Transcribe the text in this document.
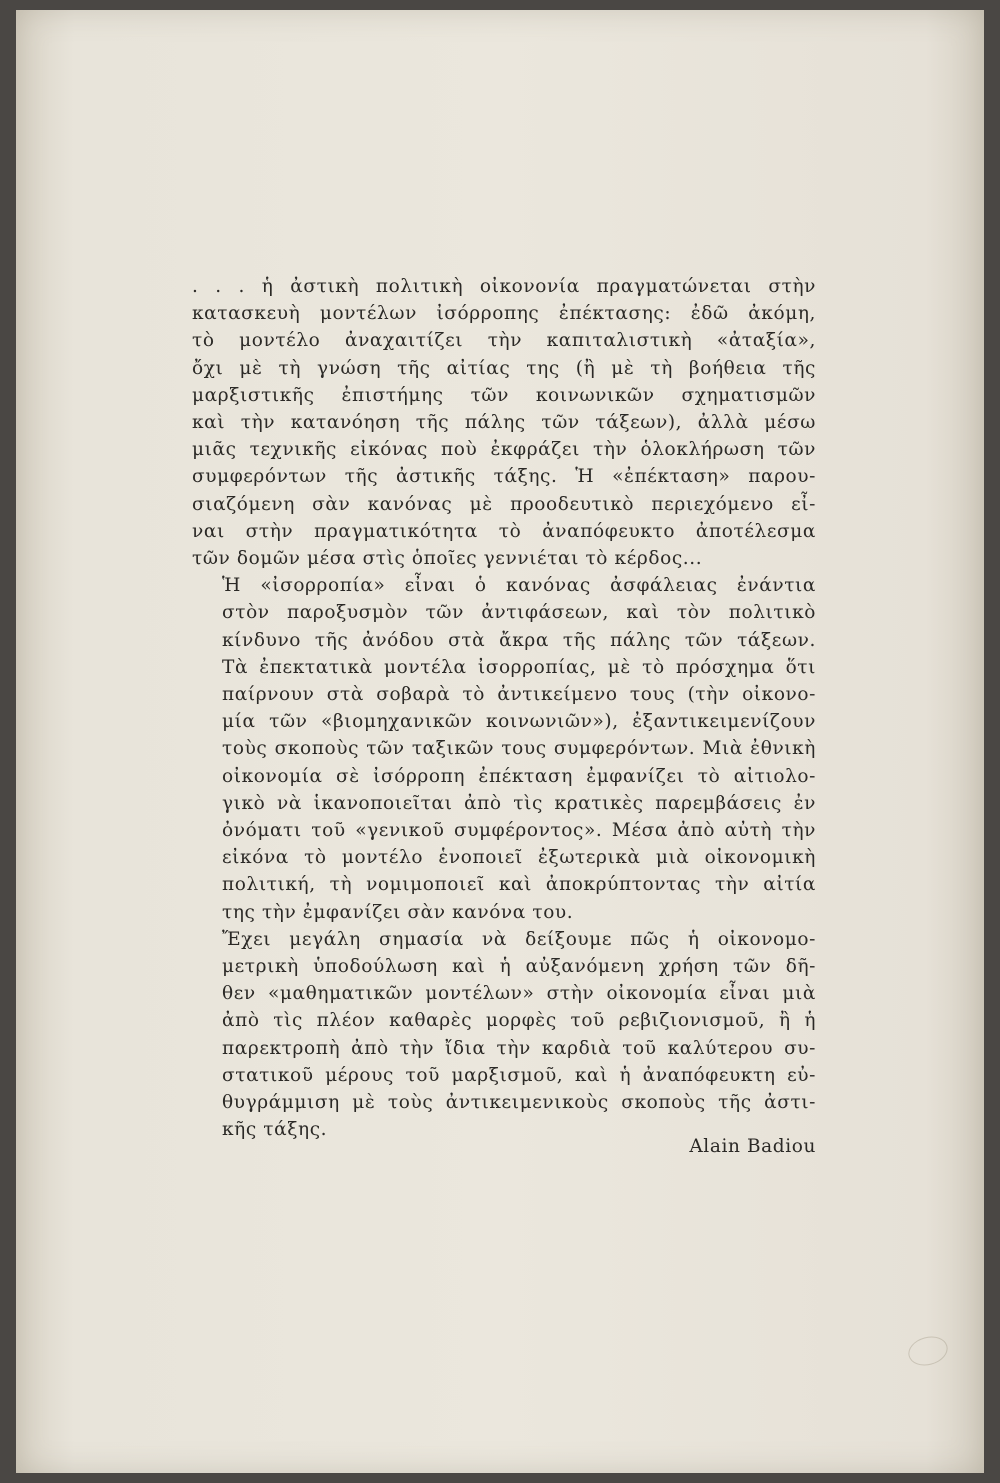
. . . ἡ ἀστικὴ πολιτικὴ οἰκονονία πραγματώνεται στὴν
κατασκευὴ μοντέλων ἰσόρροπης ἐπέκτασης: ἐδῶ ἀκόμη,
τὸ μοντέλο ἀναχαιτίζει τὴν καπιταλιστικὴ «ἀταξία»,
ὄχι μὲ τὴ γνώση τῆς αἰτίας της (ἢ μὲ τὴ βοήθεια τῆς
μαρξιστικῆς ἐπιστήμης τῶν κοινωνικῶν σχηματισμῶν
καὶ τὴν κατανόηση τῆς πάλης τῶν τάξεων), ἀλλὰ μέσω
μιᾶς τεχνικῆς εἰκόνας ποὺ ἐκφράζει τὴν ὁλοκλήρωση τῶν
συμφερόντων τῆς ἀστικῆς τάξης. Ἡ «ἐπέκταση» παρου-
σιαζόμενη σὰν κανόνας μὲ προοδευτικὸ περιεχόμενο εἶ-
ναι στὴν πραγματικότητα τὸ ἀναπόφευκτο ἀποτέλεσμα
τῶν δομῶν μέσα στὶς ὁποῖες γεννιέται τὸ κέρδος...
Ἡ «ἰσορροπία» εἶναι ὁ κανόνας ἀσφάλειας ἐνάντια
στὸν παροξυσμὸν τῶν ἀντιφάσεων, καὶ τὸν πολιτικὸ
κίνδυνο τῆς ἀνόδου στὰ ἄκρα τῆς πάλης τῶν τάξεων.
Τὰ ἐπεκτατικὰ μοντέλα ἰσορροπίας, μὲ τὸ πρόσχημα ὅτι
παίρνουν στὰ σοβαρὰ τὸ ἀντικείμενο τους (τὴν οἰκονο-
μία τῶν «βιομηχανικῶν κοινωνιῶν»), ἐξαντικειμενίζουν
τοὺς σκοποὺς τῶν ταξικῶν τους συμφερόντων. Μιὰ ἐθνικὴ
οἰκονομία σὲ ἰσόρροπη ἐπέκταση ἐμφανίζει τὸ αἰτιολο-
γικὸ νὰ ἱκανοποιεῖται ἀπὸ τὶς κρατικὲς παρεμβάσεις ἐν
ὀνόματι τοῦ «γενικοῦ συμφέροντος». Μέσα ἀπὸ αὐτὴ τὴν
εἰκόνα τὸ μοντέλο ἑνοποιεῖ ἐξωτερικὰ μιὰ οἰκονομικὴ
πολιτική, τὴ νομιμοποιεῖ καὶ ἀποκρύπτοντας τὴν αἰτία
της τὴν ἐμφανίζει σὰν κανόνα του.
Ἔχει μεγάλη σημασία νὰ δείξουμε πῶς ἡ οἰκονομο-
μετρικὴ ὑποδούλωση καὶ ἡ αὐξανόμενη χρήση τῶν δῆ-
θεν «μαθηματικῶν μοντέλων» στὴν οἰκονομία εἶναι μιὰ
ἀπὸ τὶς πλέον καθαρὲς μορφὲς τοῦ ρεβιζιονισμοῦ, ἢ ἡ
παρεκτροπὴ ἀπὸ τὴν ἴδια τὴν καρδιὰ τοῦ καλύτερου συ-
στατικοῦ μέρους τοῦ μαρξισμοῦ, καὶ ἡ ἀναπόφευκτη εὐ-
θυγράμμιση μὲ τοὺς ἀντικειμενικοὺς σκοποὺς τῆς ἀστι-
κῆς τάξης.
Alain Badiou
